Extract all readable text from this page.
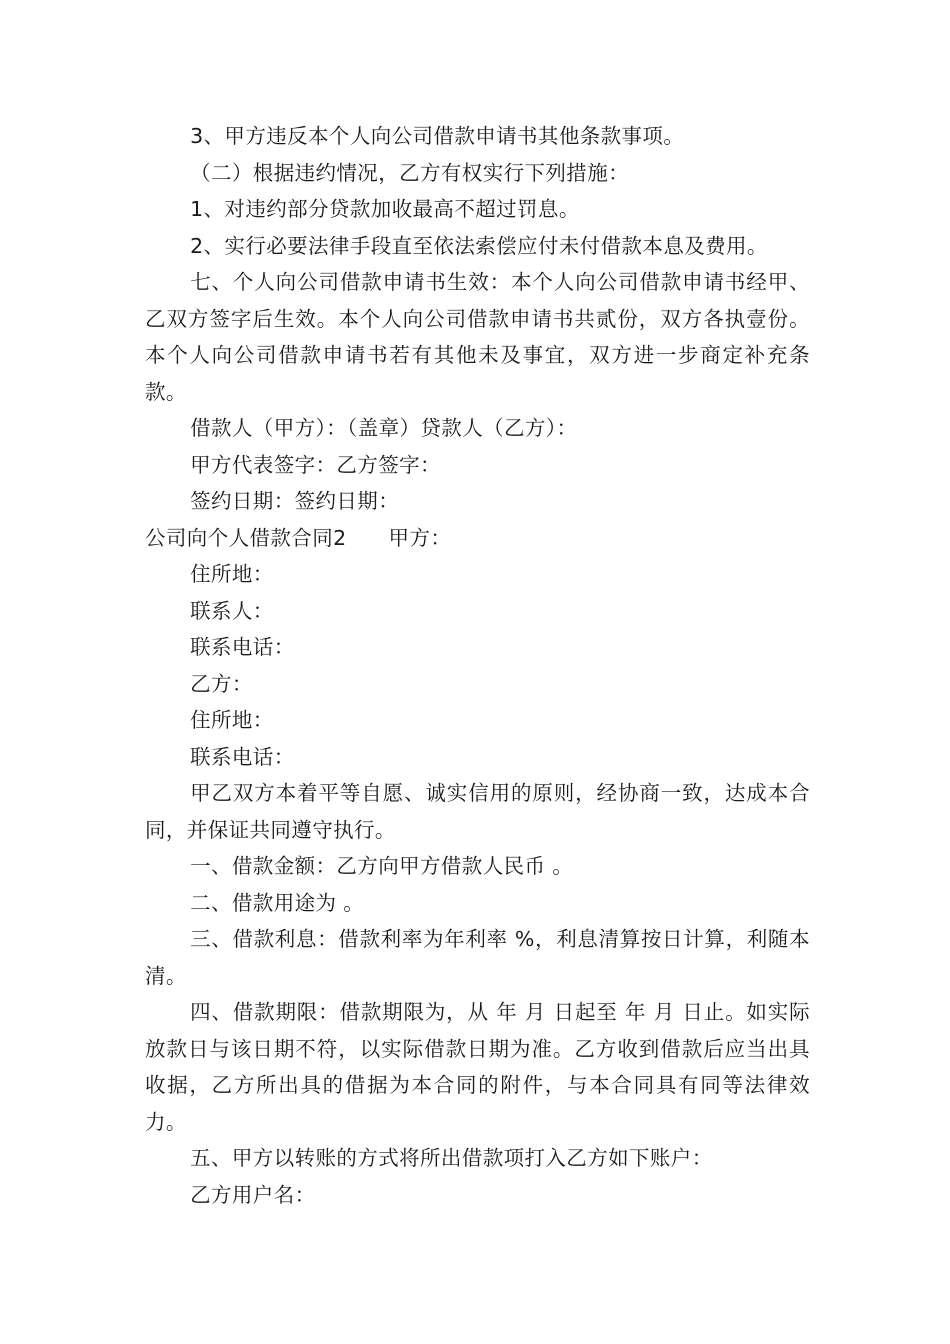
3、甲方违反本个人向公司借款申请书其他条款事项。

（二）根据违约情况，乙方有权实行下列措施：

1、对违约部分贷款加收最高不超过罚息。

2、实行必要法律手段直至依法索偿应付未付借款本息及费用。

七、个人向公司借款申请书生效：本个人向公司借款申请书经甲、乙双方签字后生效。本个人向公司借款申请书共贰份，双方各执壹份。本个人向公司借款申请书若有其他未及事宜，双方进一步商定补充条款。

借款人（甲方）：（盖章）贷款人（乙方）：

甲方代表签字：乙方签字：

签约日期：签约日期：

公司向个人借款合同2 甲方：

住所地：

联系人：

联系电话：

乙方：

住所地：

联系电话：

甲乙双方本着平等自愿、诚实信用的原则，经协商一致，达成本合同，并保证共同遵守执行。

一、借款金额：乙方向甲方借款人民币 。

二、借款用途为 。

三、借款利息：借款利率为年利率 %，利息清算按日计算，利随本清。

四、借款期限：借款期限为，从 年 月 日起至 年 月 日止。如实际放款日与该日期不符，以实际借款日期为准。乙方收到借款后应当出具收据，乙方所出具的借据为本合同的附件，与本合同具有同等法律效力。

五、甲方以转账的方式将所出借款项打入乙方如下账户：

乙方用户名：
